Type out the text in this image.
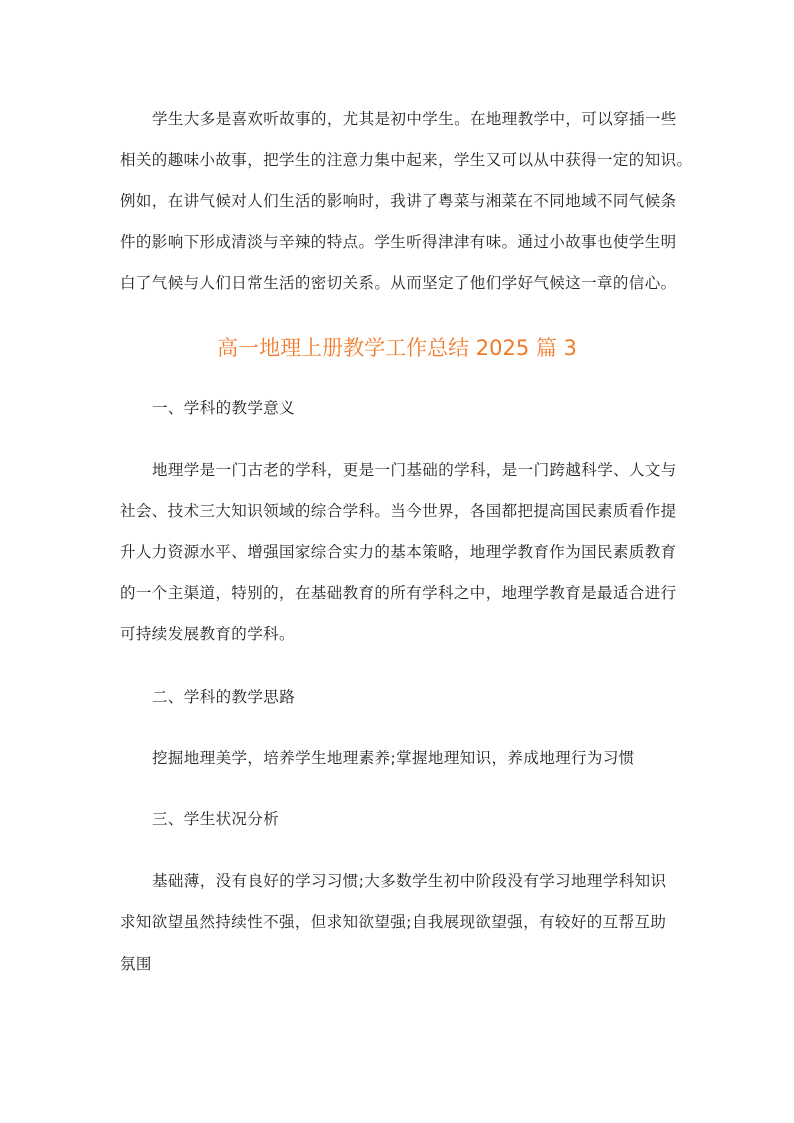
学生大多是喜欢听故事的，尤其是初中学生。在地理教学中，可以穿插一些
相关的趣味小故事，把学生的注意力集中起来，学生又可以从中获得一定的知识。
例如，在讲气候对人们生活的影响时，我讲了粤菜与湘菜在不同地域不同气候条
件的影响下形成清淡与辛辣的特点。学生听得津津有味。通过小故事也使学生明
白了气候与人们日常生活的密切关系。从而坚定了他们学好气候这一章的信心。
高一地理上册教学工作总结 2025 篇 3
一、学科的教学意义
地理学是一门古老的学科，更是一门基础的学科，是一门跨越科学、人文与
社会、技术三大知识领域的综合学科。当今世界，各国都把提高国民素质看作提
升人力资源水平、增强国家综合实力的基本策略，地理学教育作为国民素质教育
的一个主渠道，特别的，在基础教育的所有学科之中，地理学教育是最适合进行
可持续发展教育的学科。
二、学科的教学思路
挖掘地理美学，培养学生地理素养;掌握地理知识，养成地理行为习惯
三、学生状况分析
基础薄，没有良好的学习习惯;大多数学生初中阶段没有学习地理学科知识
求知欲望虽然持续性不强，但求知欲望强;自我展现欲望强，有较好的互帮互助
氛围
